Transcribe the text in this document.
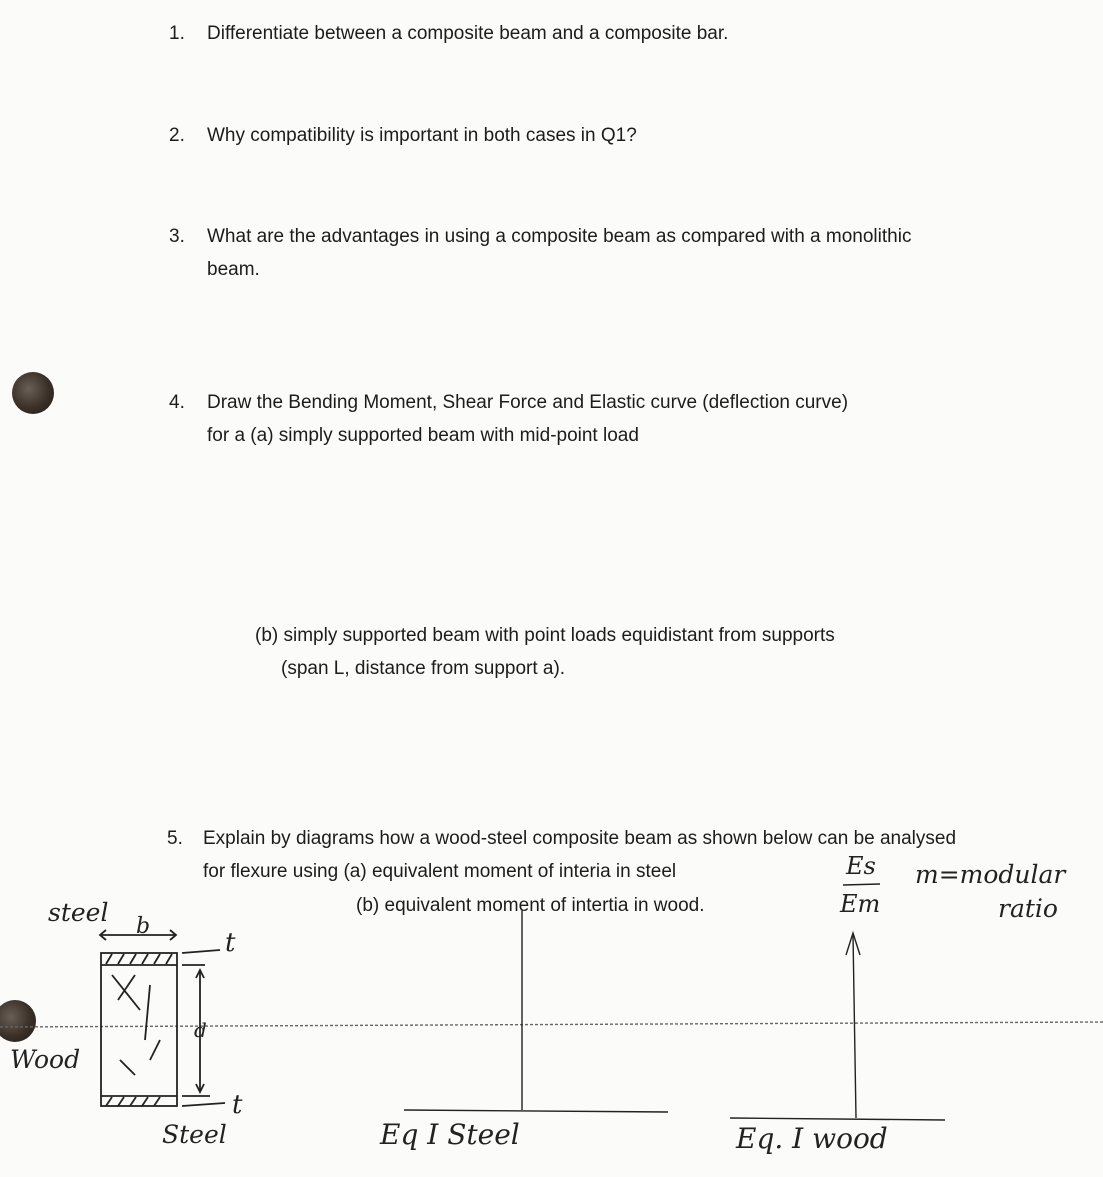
1. Differentiate between a composite beam and a composite bar.
2. Why compatibility is important in both cases in Q1?
3. What are the advantages in using a composite beam as compared with a monolithic
beam.
4. Draw the Bending Moment, Shear Force and Elastic curve (deflection curve)
for a (a) simply supported beam with mid-point load
(b) simply supported beam with point loads equidistant from supports
(span L, distance from support a).
5. Explain by diagrams how a wood-steel composite beam as shown below can be analysed
for flexure using (a) equivalent moment of interia in steel
(b) equivalent moment of intertia in wood.
steel
Wood
Steel
b
t
d
t
Es
Em
m=modular
ratio
Eq I Steel	Eq. I wood
